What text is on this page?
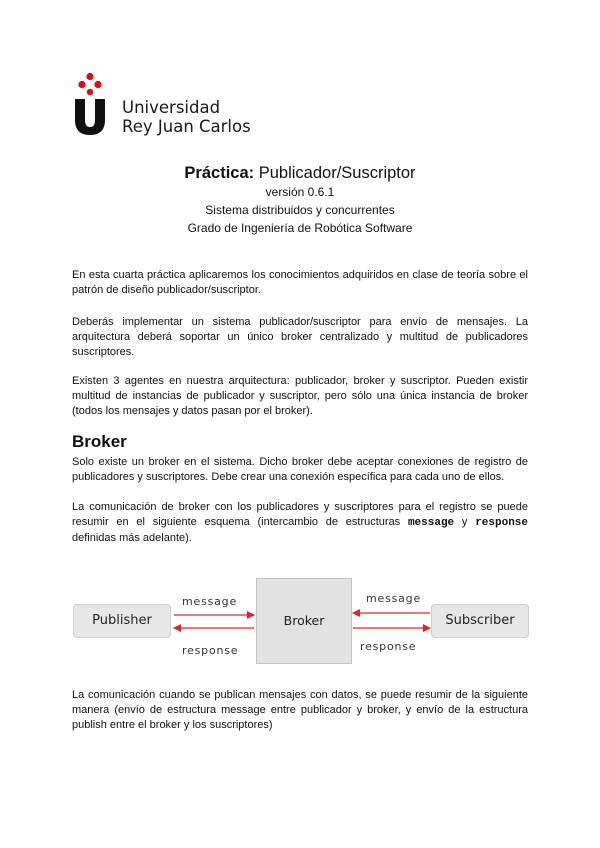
Universidad
Rey Juan Carlos
Práctica: Publicador/Suscriptor
versión 0.6.1
Sistema distribuidos y concurrentes
Grado de Ingeniería de Robótica Software

En esta cuarta práctica aplicaremos los conocimientos adquiridos en clase de teoría sobre el patrón de diseño publicador/suscriptor.

Deberás implementar un sistema publicador/suscriptor para envío de mensajes. La arquitectura deberá soportar un único broker centralizado y multitud de publicadores suscriptores.

Existen 3 agentes en nuestra arquitectura: publicador, broker y suscriptor. Pueden existir multitud de instancias de publicador y suscriptor, pero sólo una única instancia de broker (todos los mensajes y datos pasan por el broker).

Broker

Solo existe un broker en el sistema. Dicho broker debe aceptar conexiones de registro de publicadores y suscriptores. Debe crear una conexión específica para cada uno de ellos.

La comunicación de broker con los publicadores y suscriptores para el registro se puede resumir en el siguiente esquema (intercambio de estructuras message y response definidas más adelante).

Publisher	Broker	Subscriber
message	message
response	response

La comunicación cuando se publican mensajes con datos, se puede resumir de la siguiente manera (envío de estructura message entre publicador y broker, y envío de la estructura publish entre el broker y los suscriptores)
